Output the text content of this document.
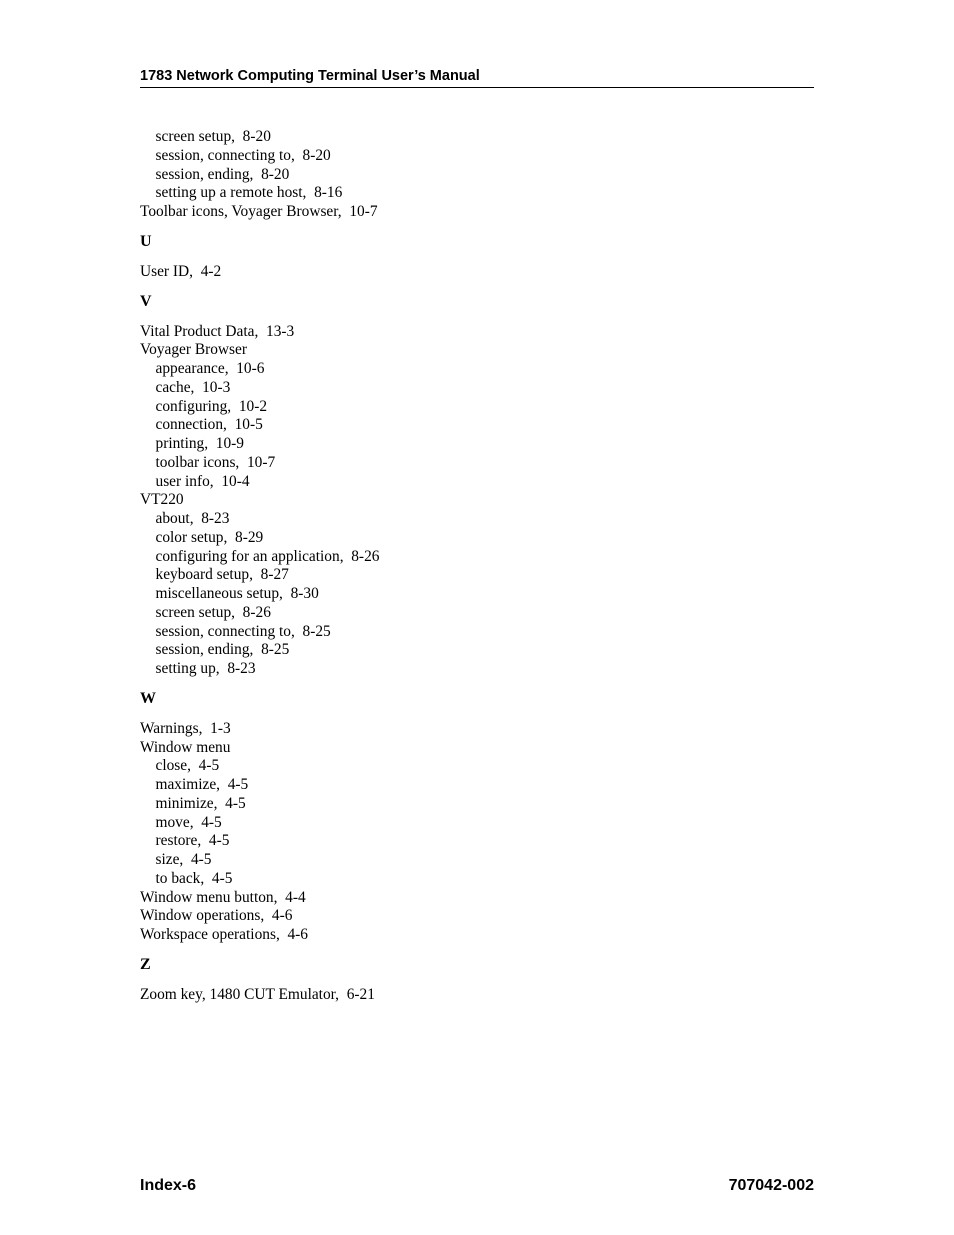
1783 Network Computing Terminal User’s Manual
screen setup,  8-20
session, connecting to,  8-20
session, ending,  8-20
setting up a remote host,  8-16
Toolbar icons, Voyager Browser,  10-7
U
User ID,  4-2
V
Vital Product Data,  13-3
Voyager Browser
appearance,  10-6
cache,  10-3
configuring,  10-2
connection,  10-5
printing,  10-9
toolbar icons,  10-7
user info,  10-4
VT220
about,  8-23
color setup,  8-29
configuring for an application,  8-26
keyboard setup,  8-27
miscellaneous setup,  8-30
screen setup,  8-26
session, connecting to,  8-25
session, ending,  8-25
setting up,  8-23
W
Warnings,  1-3
Window menu
close,  4-5
maximize,  4-5
minimize,  4-5
move,  4-5
restore,  4-5
size,  4-5
to back,  4-5
Window menu button,  4-4
Window operations,  4-6
Workspace operations,  4-6
Z
Zoom key, 1480 CUT Emulator,  6-21
Index-6	707042-002
